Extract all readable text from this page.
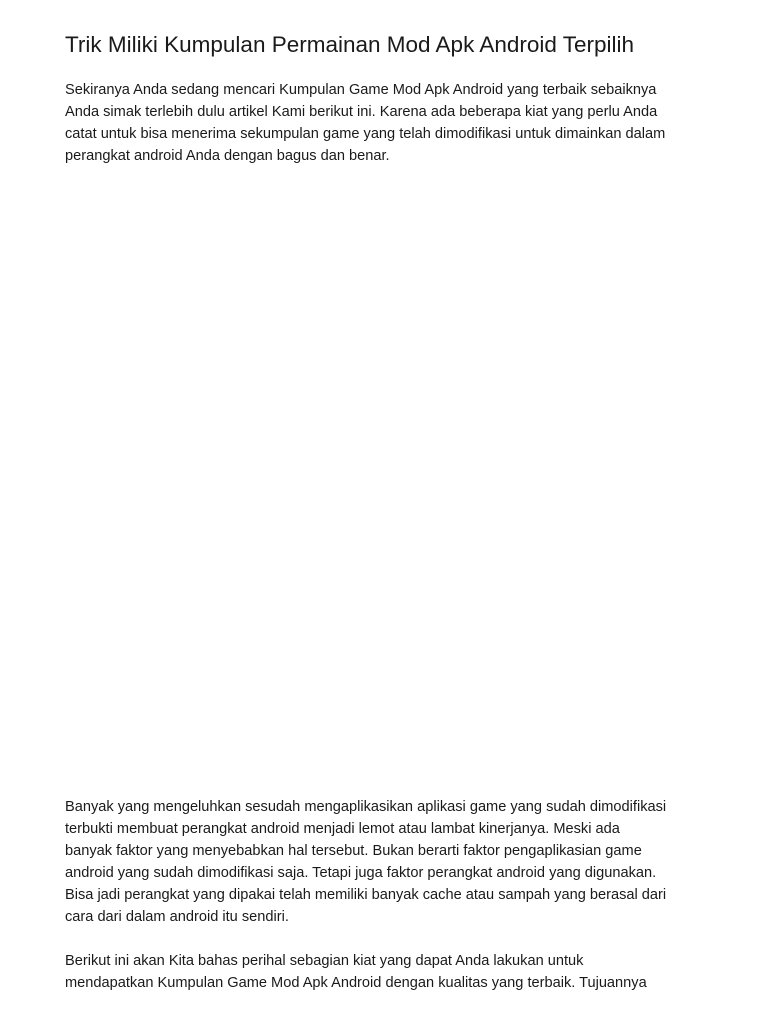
Trik Miliki Kumpulan Permainan Mod Apk Android Terpilih

Sekiranya Anda sedang mencari Kumpulan Game Mod Apk Android yang terbaik sebaiknya
Anda simak terlebih dulu artikel Kami berikut ini. Karena ada beberapa kiat yang perlu Anda
catat untuk bisa menerima sekumpulan game yang telah dimodifikasi untuk dimainkan dalam
perangkat android Anda dengan bagus dan benar.

Banyak yang mengeluhkan sesudah mengaplikasikan aplikasi game yang sudah dimodifikasi
terbukti membuat perangkat android menjadi lemot atau lambat kinerjanya. Meski ada
banyak faktor yang menyebabkan hal tersebut. Bukan berarti faktor pengaplikasian game
android yang sudah dimodifikasi saja. Tetapi juga faktor perangkat android yang digunakan.
Bisa jadi perangkat yang dipakai telah memiliki banyak cache atau sampah yang berasal dari
cara dari dalam android itu sendiri.

Berikut ini akan Kita bahas perihal sebagian kiat yang dapat Anda lakukan untuk
mendapatkan Kumpulan Game Mod Apk Android dengan kualitas yang terbaik. Tujuannya
